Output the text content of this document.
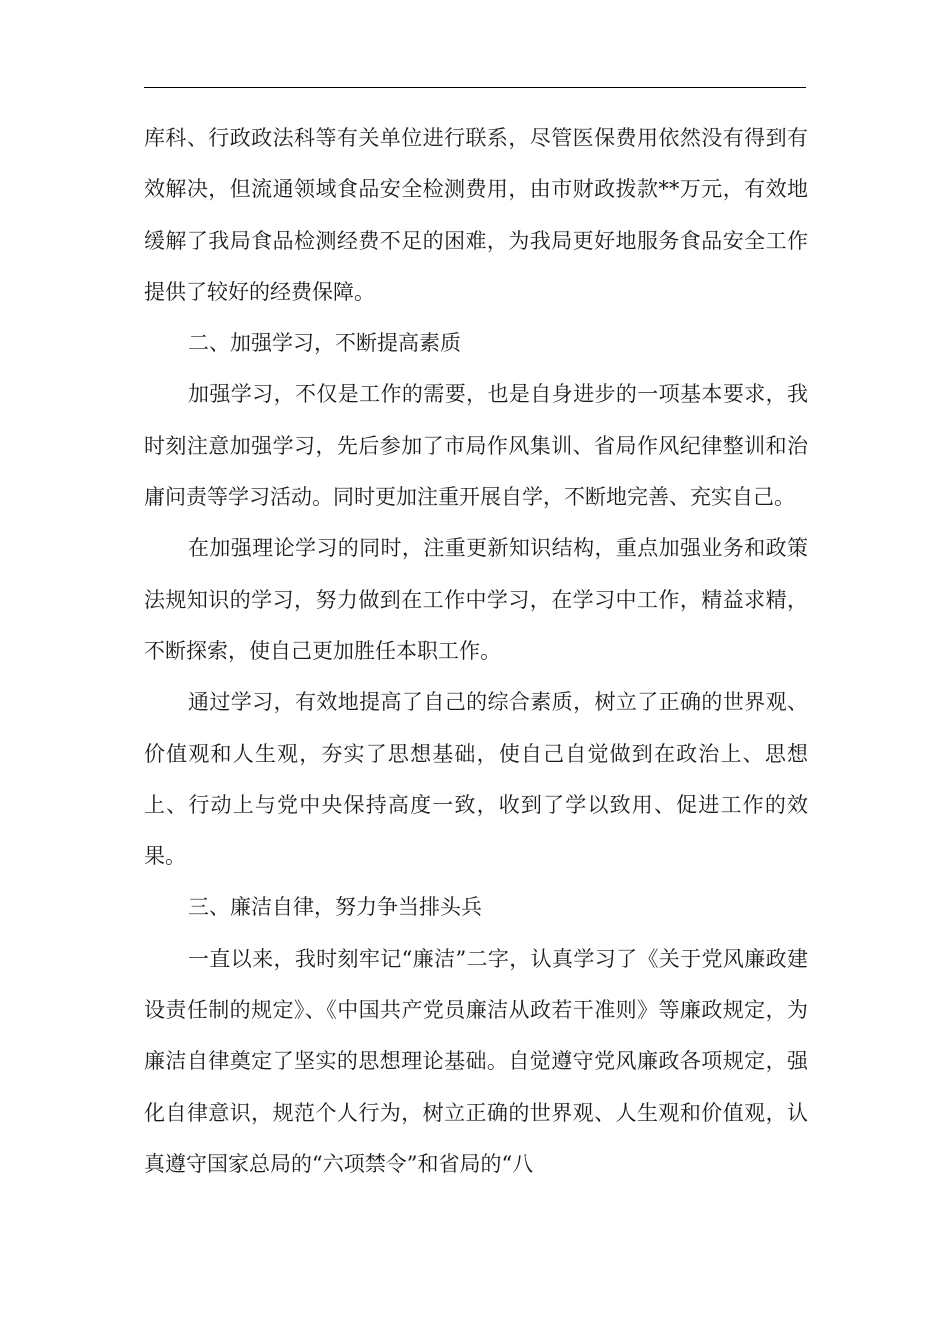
库科、行政政法科等有关单位进行联系，尽管医保费用依然没有得到有效解决，但流通领域食品安全检测费用，由市财政拨款**万元，有效地缓解了我局食品检测经费不足的困难，为我局更好地服务食品安全工作提供了较好的经费保障。

二、加强学习，不断提高素质

加强学习，不仅是工作的需要，也是自身进步的一项基本要求，我时刻注意加强学习，先后参加了市局作风集训、省局作风纪律整训和治庸问责等学习活动。同时更加注重开展自学，不断地完善、充实自己。

在加强理论学习的同时，注重更新知识结构，重点加强业务和政策法规知识的学习，努力做到在工作中学习，在学习中工作，精益求精，不断探索，使自己更加胜任本职工作。

通过学习，有效地提高了自己的综合素质，树立了正确的世界观、价值观和人生观，夯实了思想基础，使自己自觉做到在政治上、思想上、行动上与党中央保持高度一致，收到了学以致用、促进工作的效果。

三、廉洁自律，努力争当排头兵

一直以来，我时刻牢记“廉洁”二字，认真学习了《关于党风廉政建设责任制的规定》、《中国共产党员廉洁从政若干准则》等廉政规定，为廉洁自律奠定了坚实的思想理论基础。自觉遵守党风廉政各项规定，强化自律意识，规范个人行为，树立正确的世界观、人生观和价值观，认真遵守国家总局的“六项禁令”和省局的“八
